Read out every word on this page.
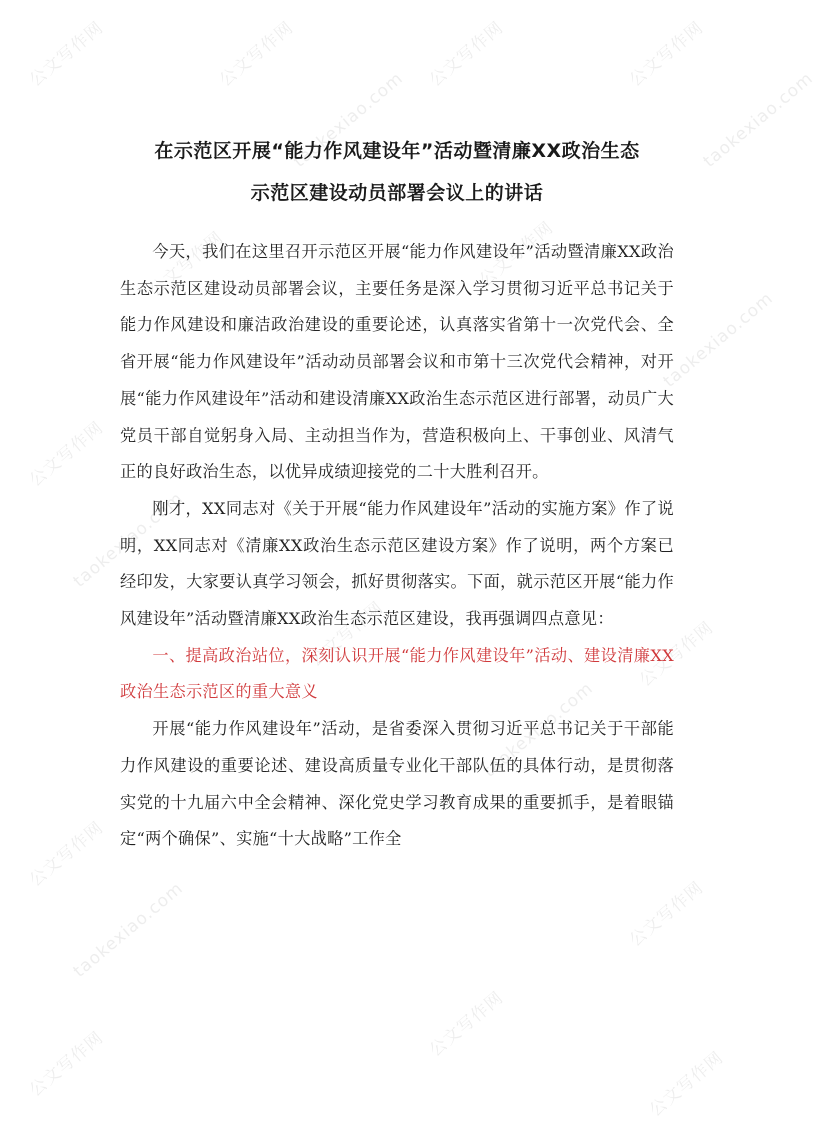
公文写作网	公文写作网	公文写作网	公文写作网
taokexiao.com	taokexiao.com
公文写作网	公文写作网
taokexiao.com
公文写作网
taokexiao.com
公文写作网	公文写作网
taokexiao.com
公文写作网
taokexiao.com	公文写作网
公文写作网
公文写作网	公文写作网
在示范区开展“能力作风建设年”活动暨清廉XX政治生态
示范区建设动员部署会议上的讲话

今天，我们在这里召开示范区开展“能力作风建设年”活动暨清廉XX政治生态示范区建设动员部署会议，主要任务是深入学习贯彻习近平总书记关于能力作风建设和廉洁政治建设的重要论述，认真落实省第十一次党代会、全省开展“能力作风建设年”活动动员部署会议和市第十三次党代会精神，对开展“能力作风建设年”活动和建设清廉XX政治生态示范区进行部署，动员广大党员干部自觉躬身入局、主动担当作为，营造积极向上、干事创业、风清气正的良好政治生态，以优异成绩迎接党的二十大胜利召开。

刚才，XX同志对《关于开展“能力作风建设年”活动的实施方案》作了说明，XX同志对《清廉XX政治生态示范区建设方案》作了说明，两个方案已经印发，大家要认真学习领会，抓好贯彻落实。下面，就示范区开展“能力作风建设年”活动暨清廉XX政治生态示范区建设，我再强调四点意见：

一、提高政治站位，深刻认识开展“能力作风建设年”活动、建设清廉XX政治生态示范区的重大意义

开展“能力作风建设年”活动，是省委深入贯彻习近平总书记关于干部能力作风建设的重要论述、建设高质量专业化干部队伍的具体行动，是贯彻落实党的十九届六中全会精神、深化党史学习教育成果的重要抓手，是着眼锚定“两个确保”、实施“十大战略”工作全
